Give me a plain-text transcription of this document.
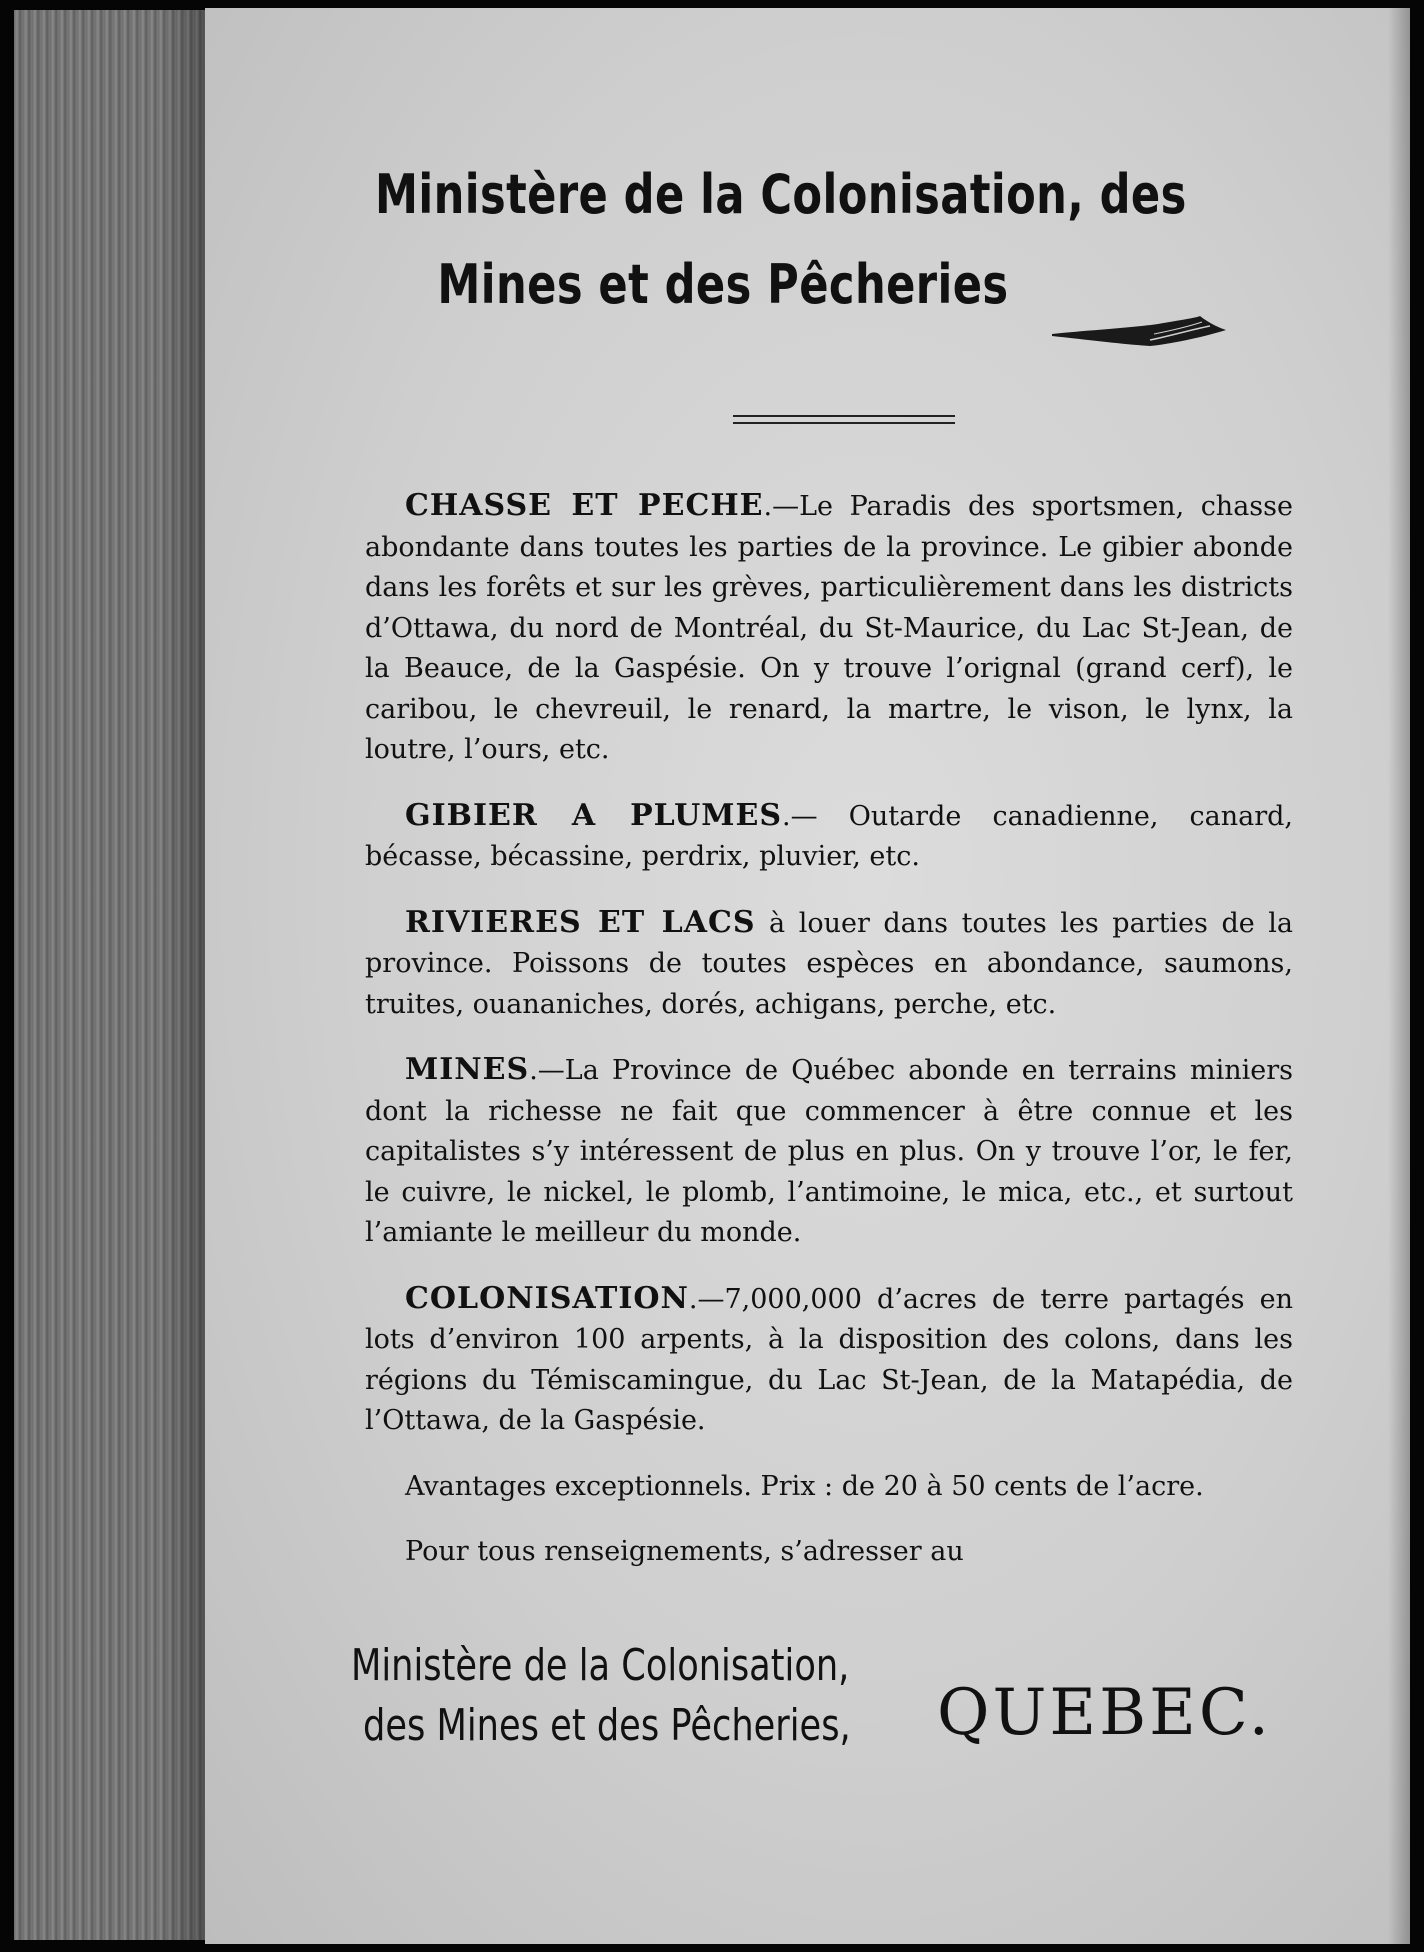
Ministère de la Colonisation, des
Mines et des Pêcheries

CHASSE ET PECHE.—Le Paradis des sportsmen, chasse abondante dans toutes les parties de la province. Le gibier abonde dans les forêts et sur les grèves, particulièrement dans les districts d’Ottawa, du nord de Montréal, du St-Maurice, du Lac St-Jean, de la Beauce, de la Gaspésie. On y trouve l’orignal (grand cerf), le caribou, le chevreuil, le renard, la martre, le vison, le lynx, la loutre, l’ours, etc.

GIBIER A PLUMES.— Outarde canadienne, canard, bécasse, bécassine, perdrix, pluvier, etc.

RIVIERES ET LACS à louer dans toutes les parties de la province. Poissons de toutes espèces en abondance, saumons, truites, ouananiches, dorés, achigans, perche, etc.

MINES.—La Province de Québec abonde en terrains miniers dont la richesse ne fait que commencer à être connue et les capitalistes s’y intéressent de plus en plus. On y trouve l’or, le fer, le cuivre, le nickel, le plomb, l’antimoine, le mica, etc., et surtout l’amiante le meilleur du monde.

COLONISATION.—7,000,000 d’acres de terre partagés en lots d’environ 100 arpents, à la disposition des colons, dans les régions du Témiscamingue, du Lac St-Jean, de la Matapédia, de l’Ottawa, de la Gaspésie.

Avantages exceptionnels. Prix : de 20 à 50 cents de l’acre.

Pour tous renseignements, s’adresser au

Ministère de la Colonisation,
des Mines et des Pêcheries, QUEBEC.
